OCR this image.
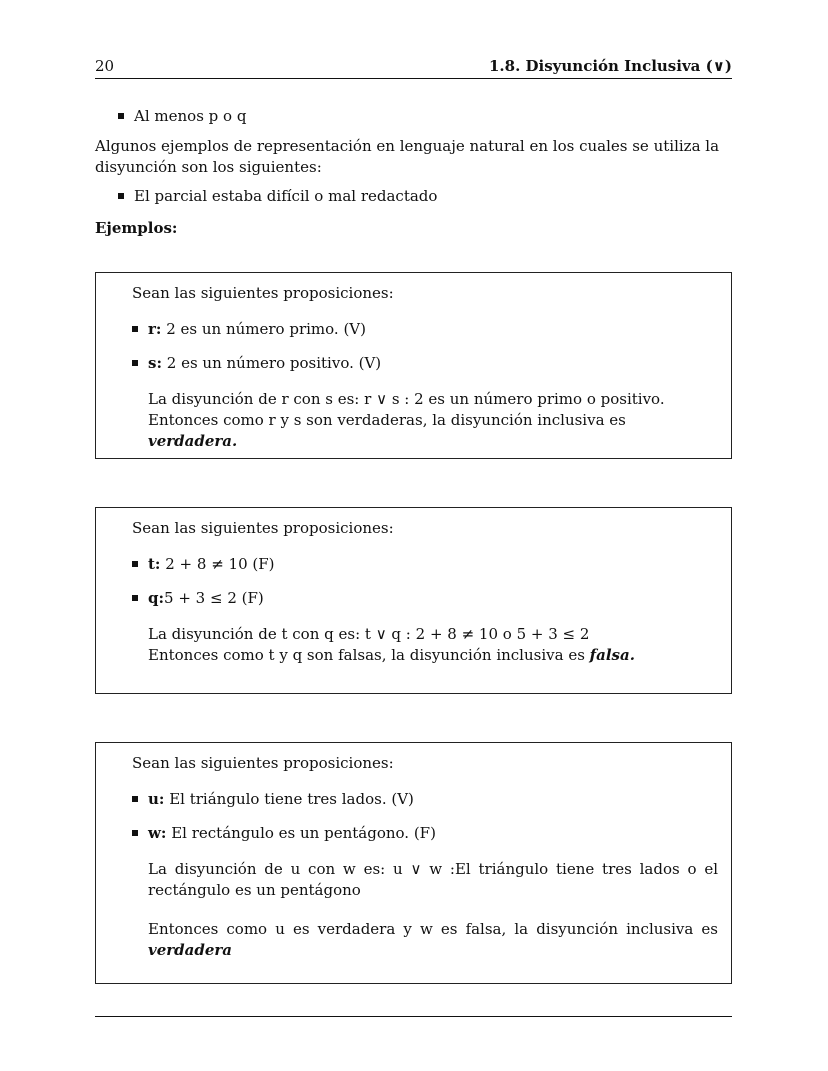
20	1.8. Disyunción Inclusiva (∨)
Al menos p o q
Algunos ejemplos de representación en lenguaje natural en los cuales se utiliza la disyunción son los siguientes:
El parcial estaba difícil o mal redactado
Ejemplos:
Sean las siguientes proposiciones:
r: 2 es un número primo. (V)
s: 2 es un número positivo. (V)
La disyunción de r con s es: r ∨ s : 2 es un número primo o positivo.
Entonces como r y s son verdaderas, la disyunción inclusiva es verdadera.
Sean las siguientes proposiciones:
t: 2 + 8 ≠ 10 (F)
q:5 + 3 ≤ 2 (F)
La disyunción de t con q es: t ∨ q : 2 + 8 ≠ 10 o 5 + 3 ≤ 2
Entonces como t y q son falsas, la disyunción inclusiva es falsa.
Sean las siguientes proposiciones:
u: El triángulo tiene tres lados. (V)
w: El rectángulo es un pentágono. (F)
La disyunción de u con w es: u ∨ w :El triángulo tiene tres lados o el rectángulo es un pentágono
Entonces como u es verdadera y w es falsa, la disyunción inclusiva es verdadera
